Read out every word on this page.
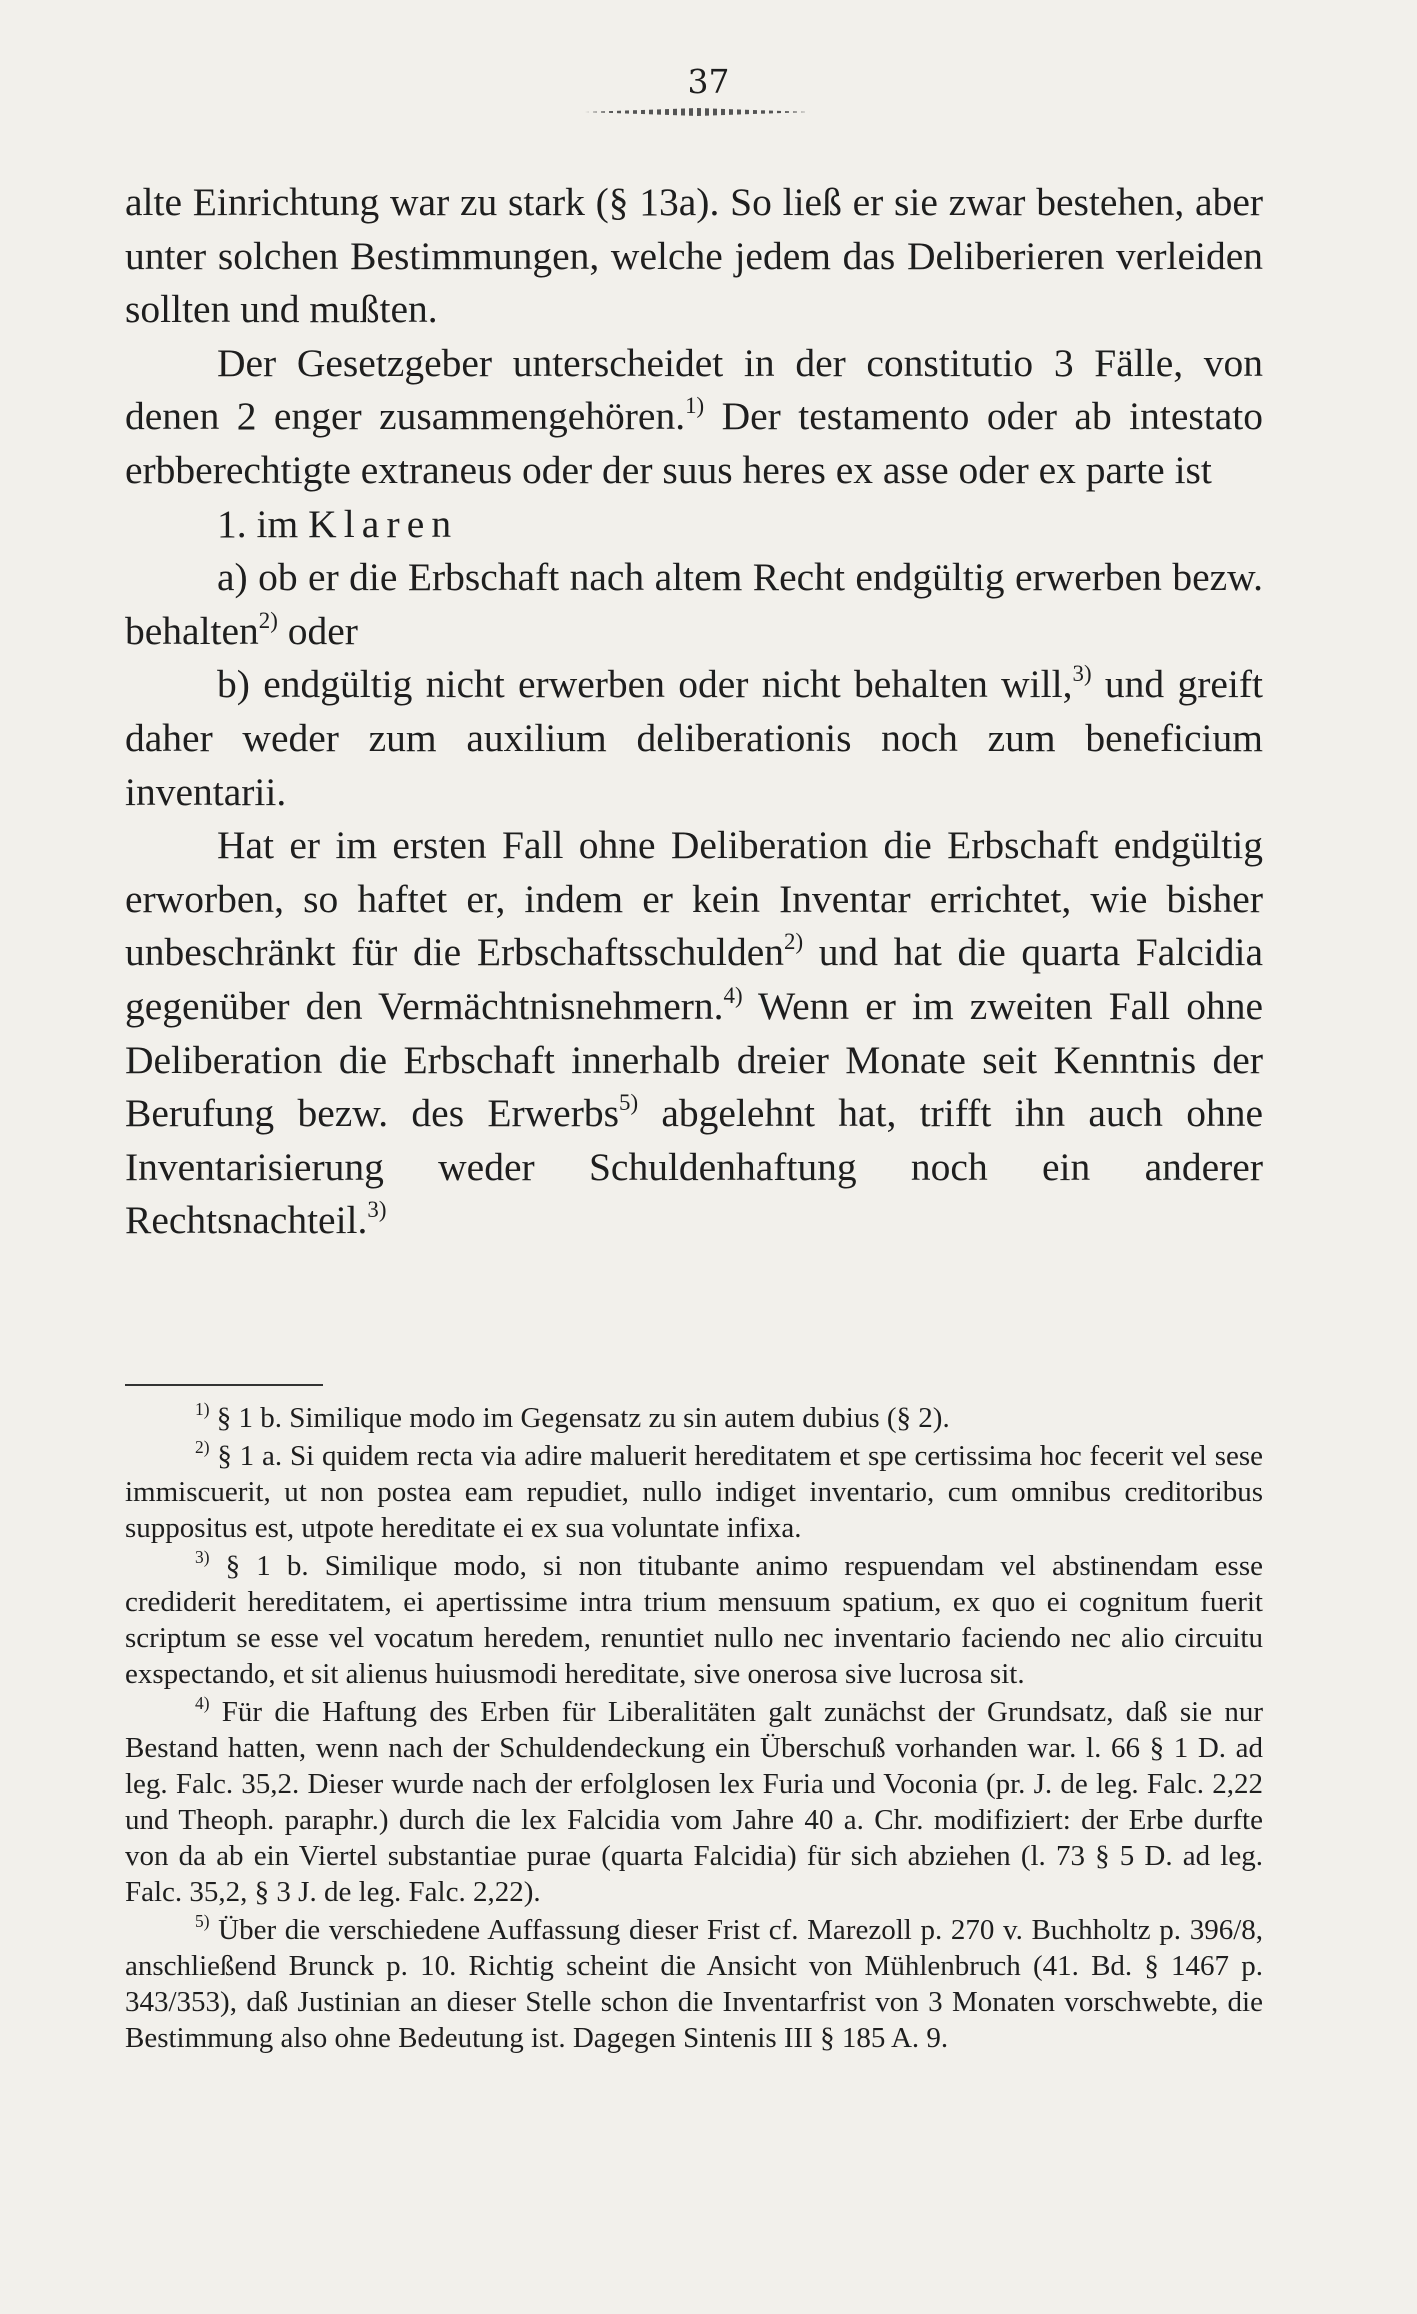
37

alte Einrichtung war zu stark (§ 13a). So ließ er sie zwar bestehen, aber unter solchen Bestimmungen, welche jedem das Deliberieren verleiden sollten und mußten.

Der Gesetzgeber unterscheidet in der constitutio 3 Fälle, von denen 2 enger zusammengehören.$^{1)}$ Der testamento oder ab intestato erbberechtigte extraneus oder der suus heres ex asse oder ex parte ist

1. im Klaren

a) ob er die Erbschaft nach altem Recht endgültig erwerben bezw. behalten$^{2)}$ oder

b) endgültig nicht erwerben oder nicht behalten will,$^{3)}$ und greift daher weder zum auxilium deliberationis noch zum beneficium inventarii.

Hat er im ersten Fall ohne Deliberation die Erbschaft endgültig erworben, so haftet er, indem er kein Inventar errichtet, wie bisher unbeschränkt für die Erbschaftsschulden$^{2)}$ und hat die quarta Falcidia gegenüber den Vermächtnisnehmern.$^{4)}$ Wenn er im zweiten Fall ohne Deliberation die Erbschaft innerhalb dreier Monate seit Kenntnis der Berufung bezw. des Erwerbs$^{5)}$ abgelehnt hat, trifft ihn auch ohne Inventarisierung weder Schuldenhaftung noch ein anderer Rechtsnachteil.$^{3)}$

$^{1)}$ § 1 b. Similique modo im Gegensatz zu sin autem dubius (§ 2).

$^{2)}$ § 1 a. Si quidem recta via adire maluerit hereditatem et spe certissima hoc fecerit vel sese immiscuerit, ut non postea eam repudiet, nullo indiget inventario, cum omnibus creditoribus suppositus est, utpote hereditate ei ex sua voluntate infixa.

$^{3)}$ § 1 b. Similique modo, si non titubante animo respuendam vel abstinendam esse crediderit hereditatem, ei apertissime intra trium mensuum spatium, ex quo ei cognitum fuerit scriptum se esse vel vocatum heredem, renuntiet nullo nec inventario faciendo nec alio circuitu exspectando, et sit alienus huiusmodi hereditate, sive onerosa sive lucrosa sit.

$^{4)}$ Für die Haftung des Erben für Liberalitäten galt zunächst der Grundsatz, daß sie nur Bestand hatten, wenn nach der Schuldendeckung ein Überschuß vorhanden war. l. 66 § 1 D. ad leg. Falc. 35,2. Dieser wurde nach der erfolglosen lex Furia und Voconia (pr. J. de leg. Falc. 2,22 und Theoph. paraphr.) durch die lex Falcidia vom Jahre 40 a. Chr. modifiziert: der Erbe durfte von da ab ein Viertel substantiae purae (quarta Falcidia) für sich abziehen (l. 73 § 5 D. ad leg. Falc. 35,2, § 3 J. de leg. Falc. 2,22).

$^{5)}$ Über die verschiedene Auffassung dieser Frist cf. Marezoll p. 270 v. Buchholtz p. 396/8, anschließend Brunck p. 10. Richtig scheint die Ansicht von Mühlenbruch (41. Bd. § 1467 p. 343/353), daß Justinian an dieser Stelle schon die Inventarfrist von 3 Monaten vorschwebte, die Bestimmung also ohne Bedeutung ist. Dagegen Sintenis III § 185 A. 9.
